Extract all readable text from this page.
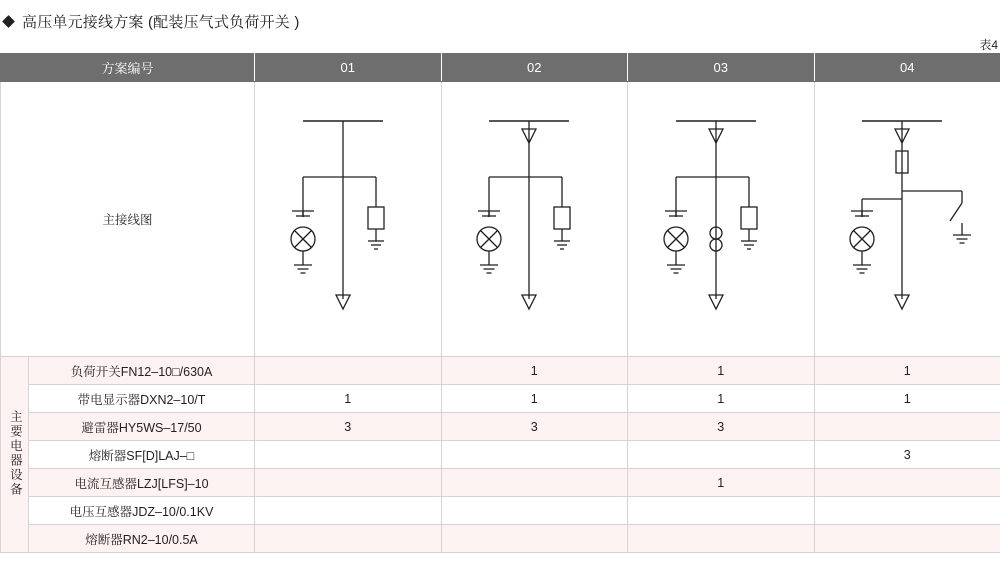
高压单元接线方案 (配装压气式负荷开关 )
表4
方案编号		01	02	03	04
主接线图	

主要电器设备	负荷开关FN12–10□/630A		1	1	1
	带电显示器DXN2–10/T	1	1	1	1
	避雷器HY5WS–17/50	3	3	3	
	熔断器SF[D]LAJ–□				3
	电流互感器LZJ[LFS]–10			1	
	电压互感器JDZ–10/0.1KV				
	熔断器RN2–10/0.5A				
